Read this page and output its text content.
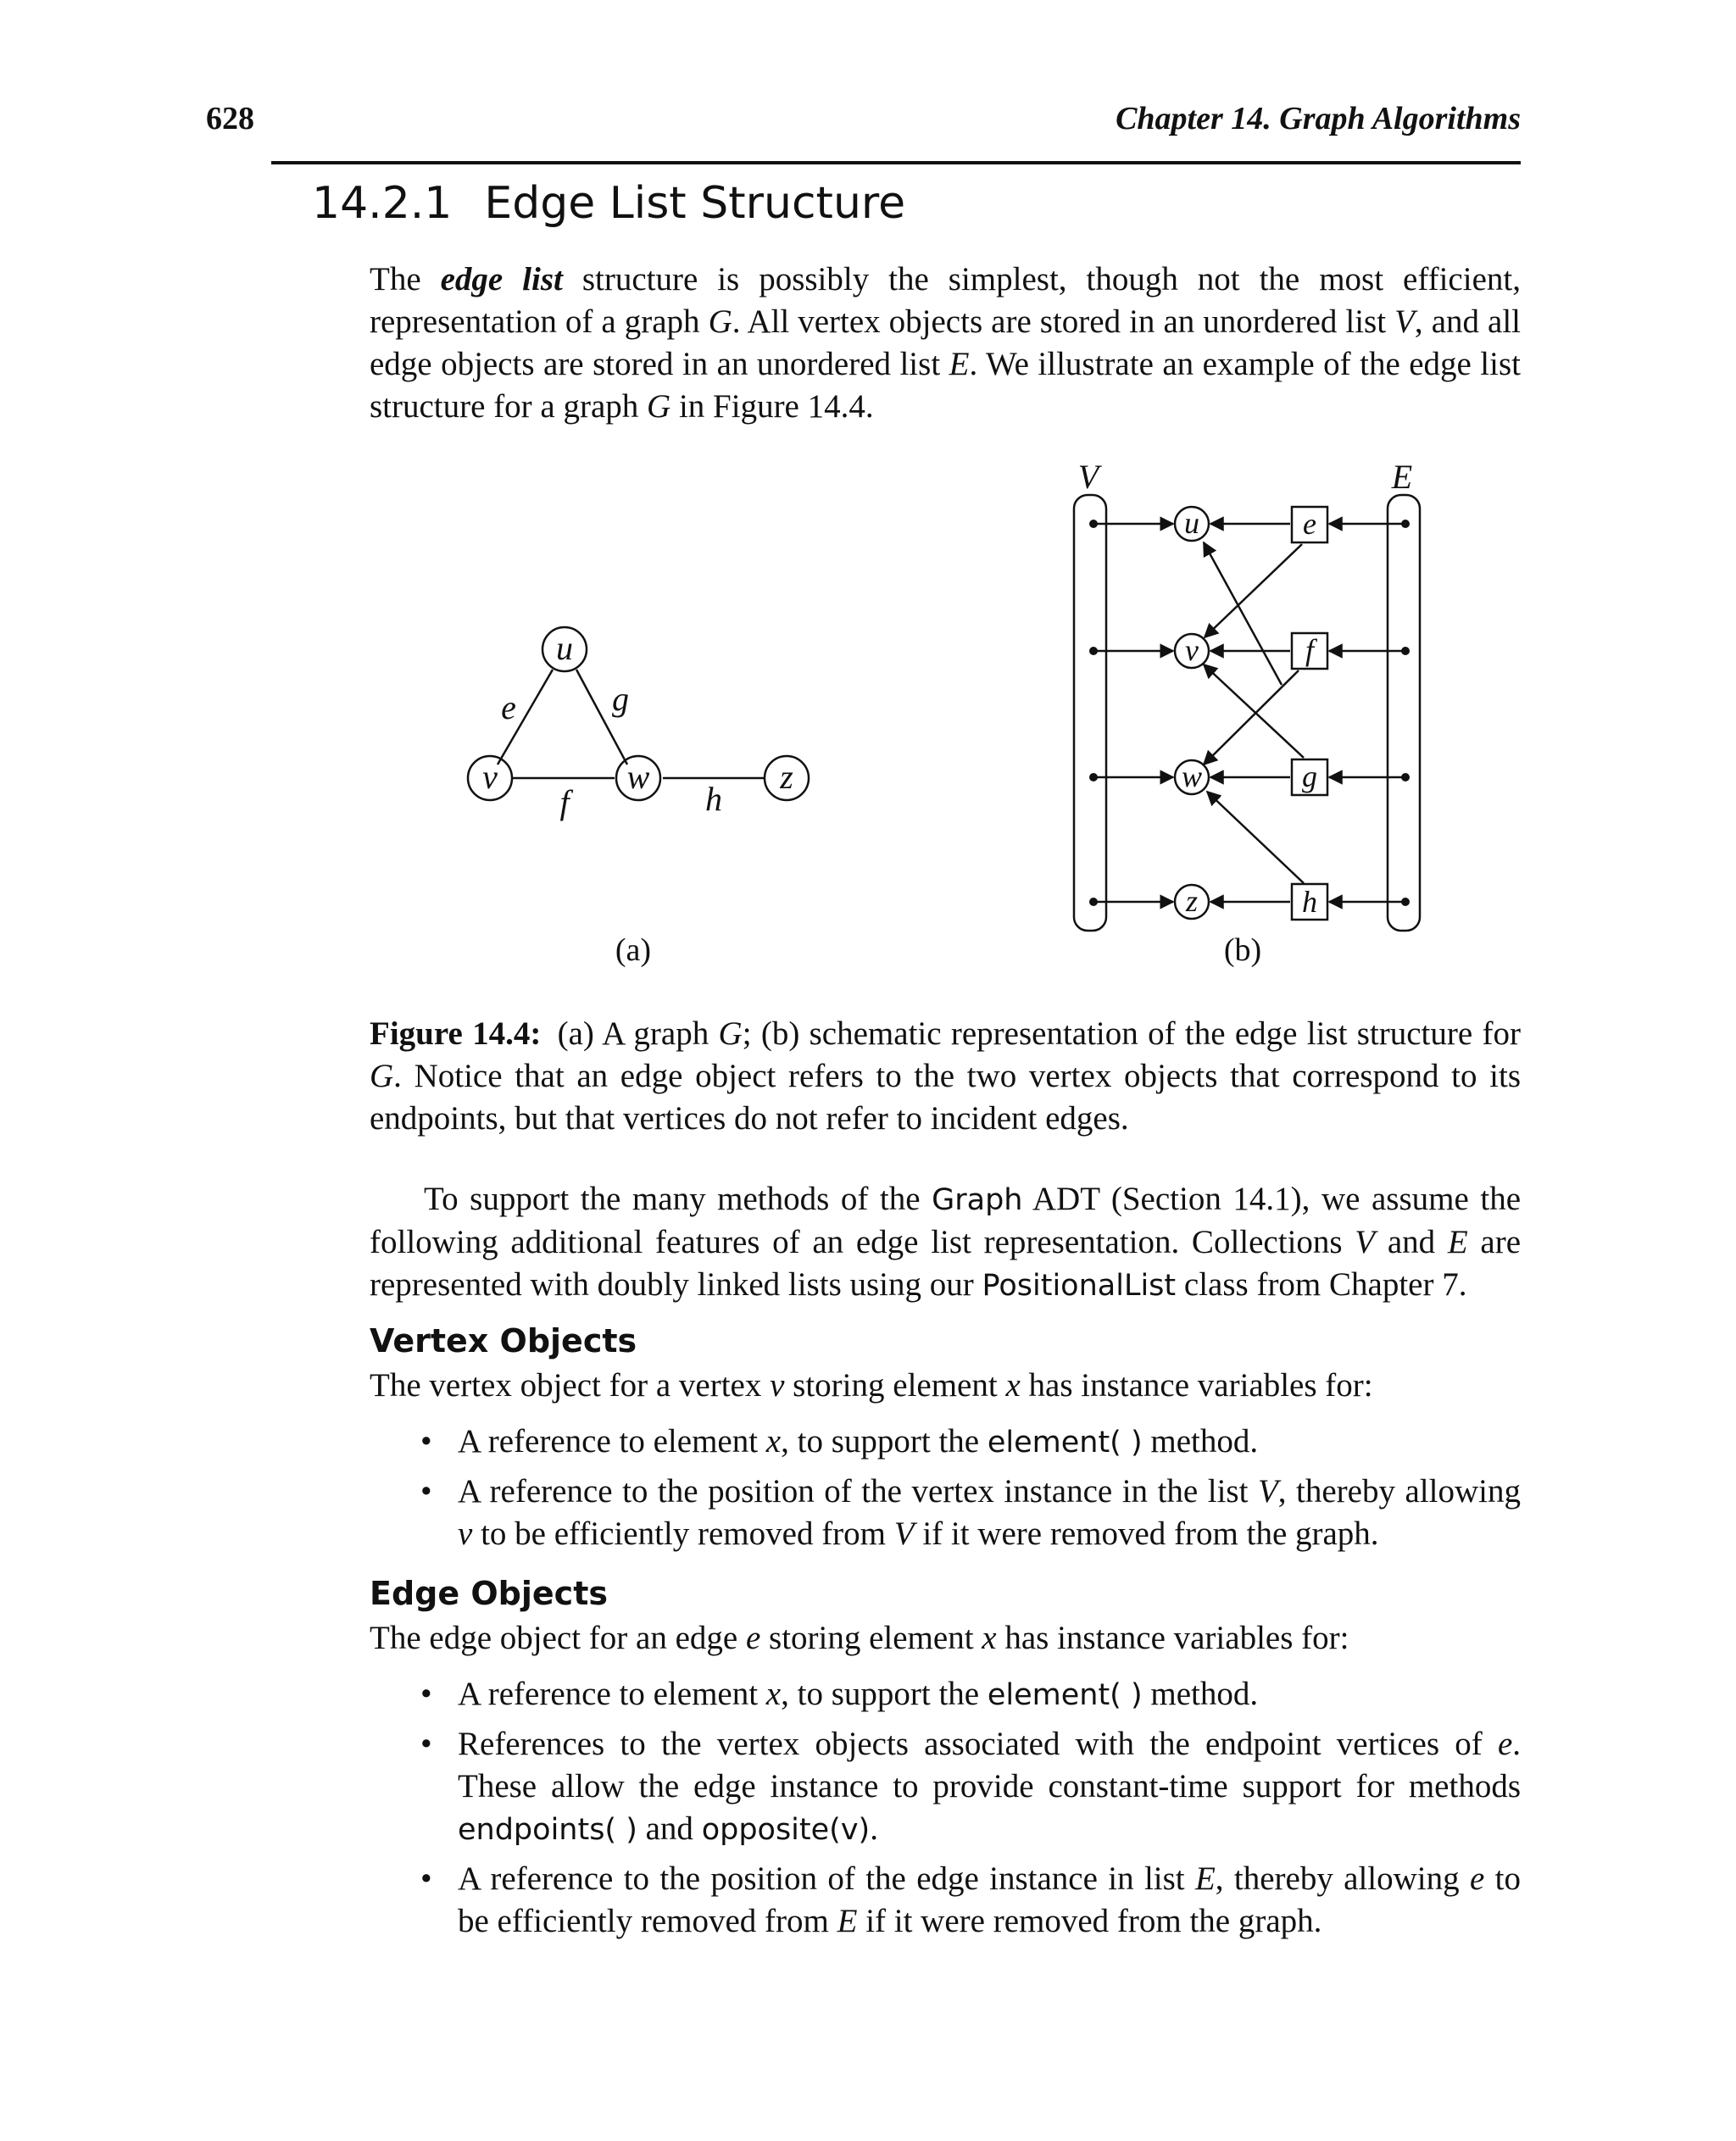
628	Chapter 14. Graph Algorithms
14.2.1 Edge List Structure

The edge list structure is possibly the simplest, though not the most efficient, representation of a graph G. All vertex objects are stored in an unordered list V, and all edge objects are stored in an unordered list E. We illustrate an example of the edge list structure for a graph G in Figure 14.4.

u
v	w	z
e	g
f	h
(a)
V	E
u
v
w
z
e
f
g
h
(b)
Figure 14.4: (a) A graph G; (b) schematic representation of the edge list structure for G. Notice that an edge object refers to the two vertex objects that correspond to its endpoints, but that vertices do not refer to incident edges.

To support the many methods of the Graph ADT (Section 14.1), we assume the following additional features of an edge list representation. Collections V and E are represented with doubly linked lists using our PositionalList class from Chapter 7.

Vertex Objects

The vertex object for a vertex v storing element x has instance variables for:

• A reference to element x, to support the element( ) method.
• A reference to the position of the vertex instance in the list V, thereby allowing v to be efficiently removed from V if it were removed from the graph.
Edge Objects

The edge object for an edge e storing element x has instance variables for:

• A reference to element x, to support the element( ) method.
• References to the vertex objects associated with the endpoint vertices of e. These allow the edge instance to provide constant-time support for methods endpoints( ) and opposite(v).
• A reference to the position of the edge instance in list E, thereby allowing e to be efficiently removed from E if it were removed from the graph.
